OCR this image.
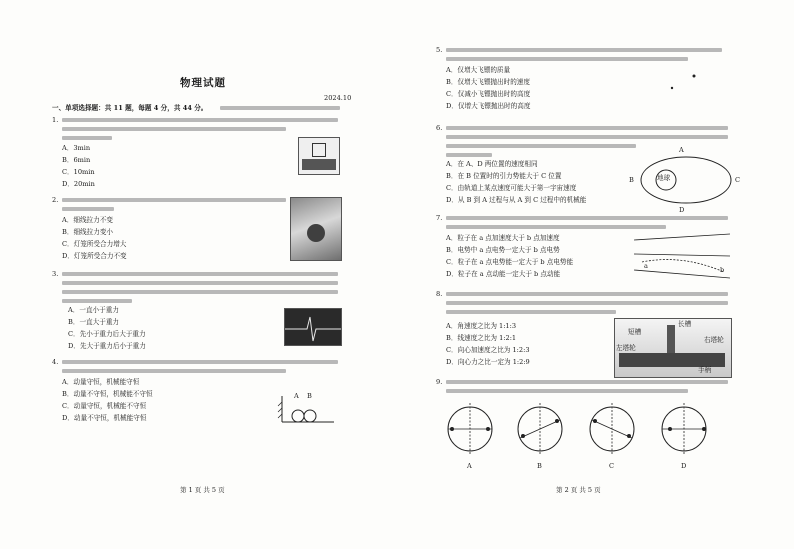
物理试题
2024.10
一、单项选择题：共 11 题，每题 4 分，共 44 分。
1.
A．3min
B．6min
C．10min
D．20min
2.
A．细线拉力不变
B．细线拉力变小
C．灯笼所受合力增大
D．灯笼所受合力不变
3.
A．一直小于重力
B．一直大于重力
C．先小于重力后大于重力
D．先大于重力后小于重力
4.
A．动量守恒，机械能守恒
B．动量不守恒，机械能不守恒
C．动量守恒，机械能不守恒
D．动量不守恒，机械能守恒
A B
第 1 页 共 5 页
5.
A．仅增大飞镖的质量
B．仅增大飞镖抛出时的速度
C．仅减小飞镖抛出时的高度
D．仅增大飞镖抛出时的高度
6.
A．在 A、D 两位置的速度相同
B．在 B 位置时的引力势能大于 C 位置
C．由轨道上某点速度可能大于第一宇宙速度
D．从 B 到 A 过程与从 A 到 C 过程中的机械能
地球
A
B	C
D
7.
A．粒子在 a 点加速度大于 b 点加速度
B．电势中 a 点电势一定大于 b 点电势
C．粒子在 a 点电势能一定大于 b 点电势能
D．粒子在 a 点动能一定大于 b 点动能
a	b
8.
A．角速度之比为 1:1:3
B．线速度之比为 1:2:1
C．向心加速度之比为 1:2:3
D．向心力之比一定为 1:2:9
长槽
短槽
右塔轮
左塔轮
手柄
9.
A	B	C	D
第 2 页 共 5 页
